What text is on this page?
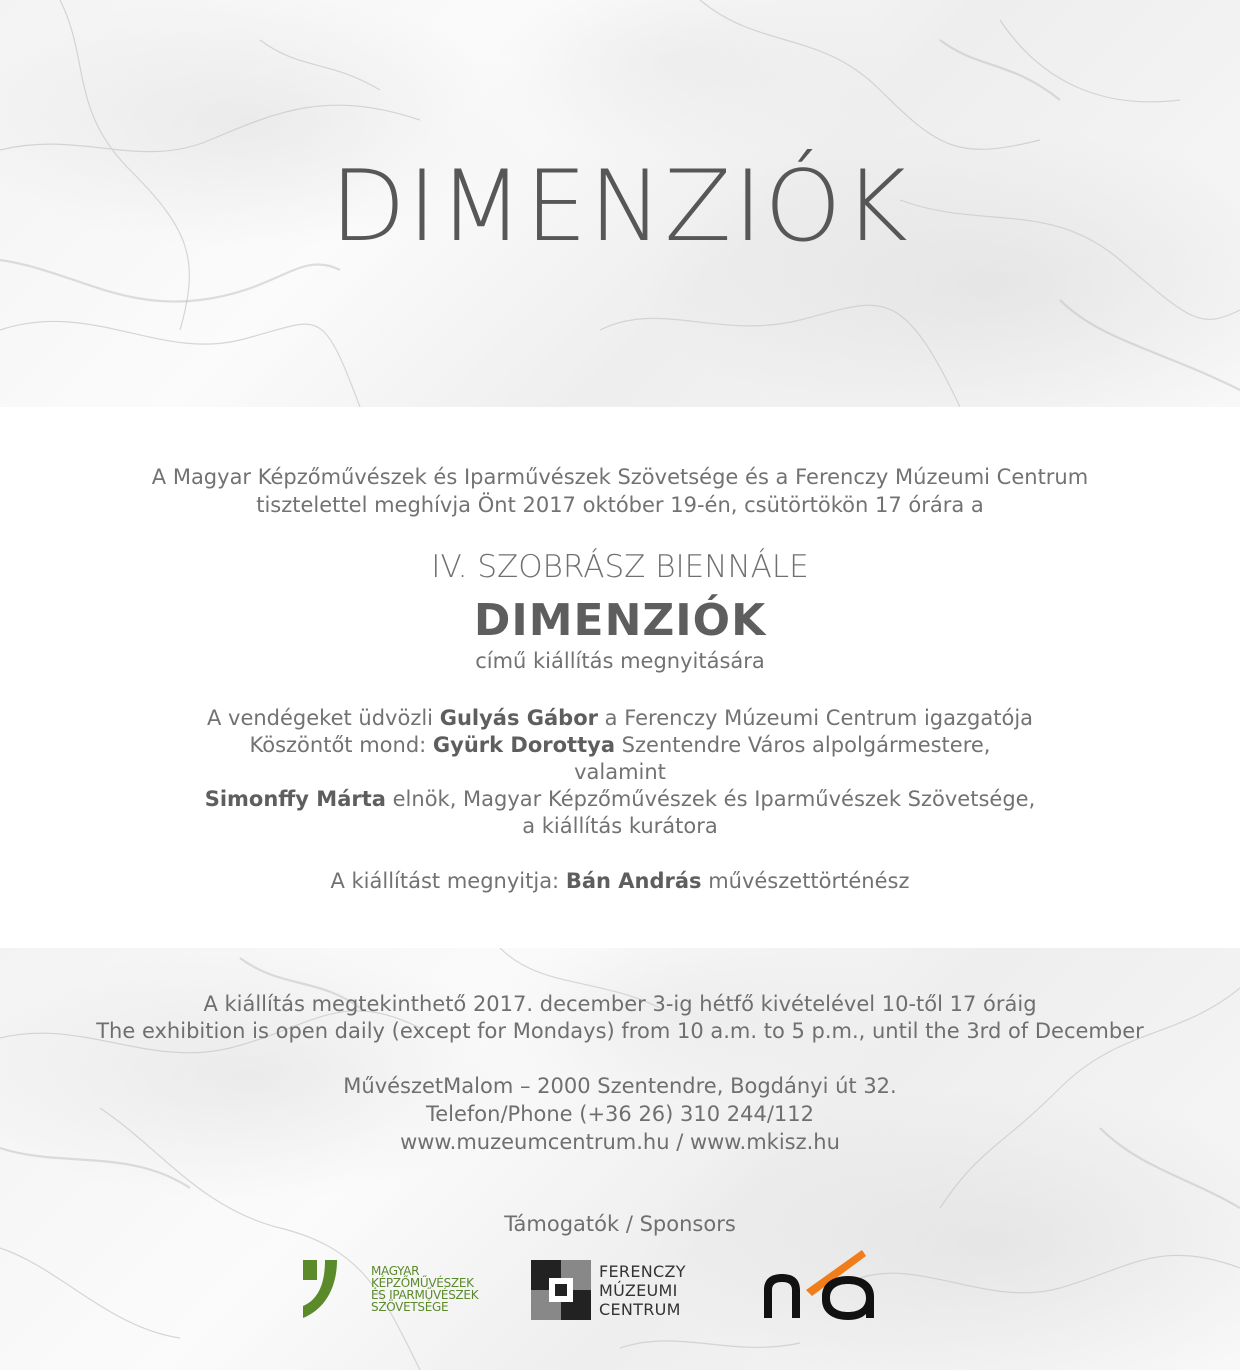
DIMENZIÓK
A Magyar Képzőművészek és Iparművészek Szövetsége és a Ferenczy Múzeumi Centrum
tisztelettel meghívja Önt 2017 október 19-én, csütörtökön 17 órára a
IV. SZOBRÁSZ BIENNÁLE
DIMENZIÓK
című kiállítás megnyitására
A vendégeket üdvözli Gulyás Gábor a Ferenczy Múzeumi Centrum igazgatója
Köszöntőt mond: Gyürk Dorottya Szentendre Város alpolgármestere,
valamint
Simonffy Márta elnök, Magyar Képzőművészek és Iparművészek Szövetsége,
a kiállítás kurátora
A kiállítást megnyitja: Bán András művészettörténész
A kiállítás megtekinthető 2017. december 3-ig hétfő kivételével 10-től 17 óráig
The exhibition is open daily (except for Mondays) from 10 a.m. to 5 p.m., until the 3rd of December
MűvészetMalom – 2000 Szentendre, Bogdányi út 32.
Telefon/Phone (+36 26) 310 244/112
www.muzeumcentrum.hu / www.mkisz.hu
Támogatók / Sponsors
MAGYAR
KÉPZŐMŰVÉSZEK
ÉS IPARMŰVÉSZEK
SZÖVETSÉGE
FERENCZY
MÚZEUMI
CENTRUM
